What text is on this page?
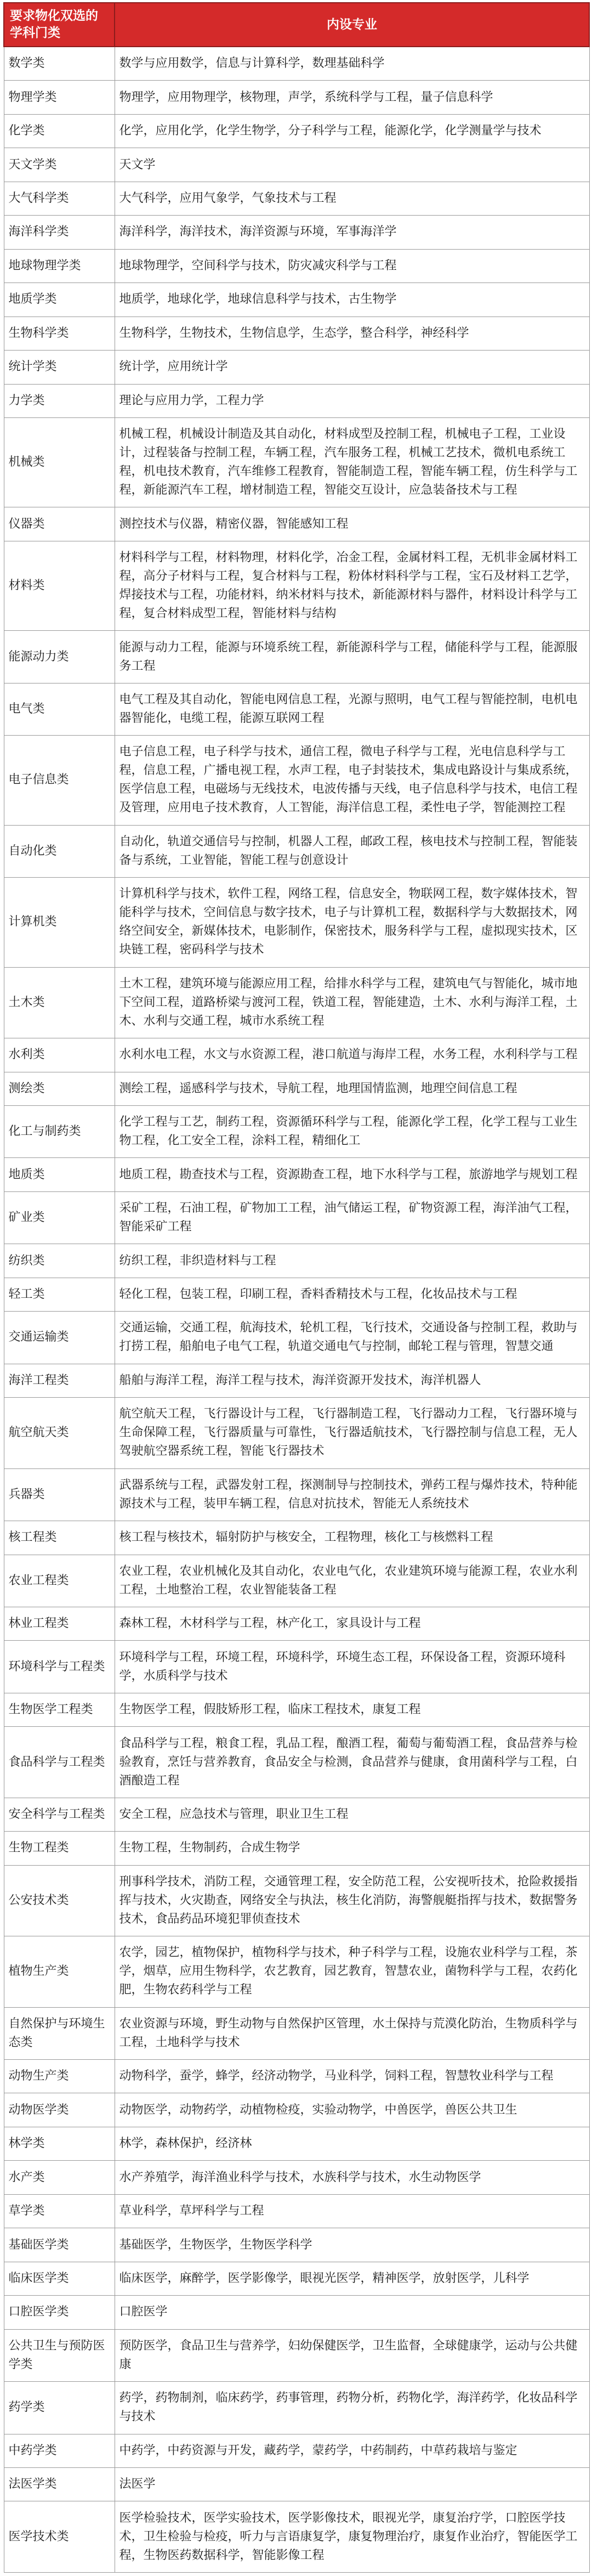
要求物化双选的学科门类	内设专业
数学类	数学与应用数学，信息与计算科学，数理基础科学
物理学类	物理学，应用物理学，核物理，声学，系统科学与工程，量子信息科学
化学类	化学，应用化学，化学生物学，分子科学与工程，能源化学，化学测量学与技术
天文学类	天文学
大气科学类	大气科学，应用气象学，气象技术与工程
海洋科学类	海洋科学，海洋技术，海洋资源与环境，军事海洋学
地球物理学类	地球物理学，空间科学与技术，防灾减灾科学与工程
地质学类	地质学，地球化学，地球信息科学与技术，古生物学
生物科学类	生物科学，生物技术，生物信息学，生态学，整合科学，神经科学
统计学类	统计学，应用统计学
力学类	理论与应用力学，工程力学
机械类	机械工程，机械设计制造及其自动化，材料成型及控制工程，机械电子工程，工业设计，过程装备与控制工程，车辆工程，汽车服务工程，机械工艺技术，微机电系统工程，机电技术教育，汽车维修工程教育，智能制造工程，智能车辆工程，仿生科学与工程，新能源汽车工程，增材制造工程，智能交互设计，应急装备技术与工程
仪器类	测控技术与仪器，精密仪器，智能感知工程
材料类	材料科学与工程，材料物理，材料化学，冶金工程，金属材料工程，无机非金属材料工程，高分子材料与工程，复合材料与工程，粉体材料科学与工程，宝石及材料工艺学，焊接技术与工程，功能材料，纳米材料与技术，新能源材料与器件，材料设计科学与工程，复合材料成型工程，智能材料与结构
能源动力类	能源与动力工程，能源与环境系统工程，新能源科学与工程，储能科学与工程，能源服务工程
电气类	电气工程及其自动化，智能电网信息工程，光源与照明，电气工程与智能控制，电机电器智能化，电缆工程，能源互联网工程
电子信息类	电子信息工程，电子科学与技术，通信工程，微电子科学与工程，光电信息科学与工程，信息工程，广播电视工程，水声工程，电子封装技术，集成电路设计与集成系统，医学信息工程，电磁场与无线技术，电波传播与天线，电子信息科学与技术，电信工程及管理，应用电子技术教育，人工智能，海洋信息工程，柔性电子学，智能测控工程
自动化类	自动化，轨道交通信号与控制，机器人工程，邮政工程，核电技术与控制工程，智能装备与系统，工业智能，智能工程与创意设计
计算机类	计算机科学与技术，软件工程，网络工程，信息安全，物联网工程，数字媒体技术，智能科学与技术，空间信息与数字技术，电子与计算机工程，数据科学与大数据技术，网络空间安全，新媒体技术，电影制作，保密技术，服务科学与工程，虚拟现实技术，区块链工程，密码科学与技术
土木类	土木工程，建筑环境与能源应用工程，给排水科学与工程，建筑电气与智能化，城市地下空间工程，道路桥梁与渡河工程，铁道工程，智能建造，土木、水利与海洋工程，土木、水利与交通工程，城市水系统工程
水利类	水利水电工程，水文与水资源工程，港口航道与海岸工程，水务工程，水利科学与工程
测绘类	测绘工程，遥感科学与技术，导航工程，地理国情监测，地理空间信息工程
化工与制药类	化学工程与工艺，制药工程，资源循环科学与工程，能源化学工程，化学工程与工业生物工程，化工安全工程，涂料工程，精细化工
地质类	地质工程，勘查技术与工程，资源勘查工程，地下水科学与工程，旅游地学与规划工程
矿业类	采矿工程，石油工程，矿物加工工程，油气储运工程，矿物资源工程，海洋油气工程，智能采矿工程
纺织类	纺织工程，非织造材料与工程
轻工类	轻化工程，包装工程，印刷工程，香料香精技术与工程，化妆品技术与工程
交通运输类	交通运输，交通工程，航海技术，轮机工程，飞行技术，交通设备与控制工程，救助与打捞工程，船舶电子电气工程，轨道交通电气与控制，邮轮工程与管理，智慧交通
海洋工程类	船舶与海洋工程，海洋工程与技术，海洋资源开发技术，海洋机器人
航空航天类	航空航天工程，飞行器设计与工程，飞行器制造工程，飞行器动力工程，飞行器环境与生命保障工程，飞行器质量与可靠性，飞行器适航技术，飞行器控制与信息工程，无人驾驶航空器系统工程，智能飞行器技术
兵器类	武器系统与工程，武器发射工程，探测制导与控制技术，弹药工程与爆炸技术，特种能源技术与工程，装甲车辆工程，信息对抗技术，智能无人系统技术
核工程类	核工程与核技术，辐射防护与核安全，工程物理，核化工与核燃料工程
农业工程类	农业工程，农业机械化及其自动化，农业电气化，农业建筑环境与能源工程，农业水利工程，土地整治工程，农业智能装备工程
林业工程类	森林工程，木材科学与工程，林产化工，家具设计与工程
环境科学与工程类	环境科学与工程，环境工程，环境科学，环境生态工程，环保设备工程，资源环境科学，水质科学与技术
生物医学工程类	生物医学工程，假肢矫形工程，临床工程技术，康复工程
食品科学与工程类	食品科学与工程，粮食工程，乳品工程，酿酒工程，葡萄与葡萄酒工程，食品营养与检验教育，烹饪与营养教育，食品安全与检测，食品营养与健康，食用菌科学与工程，白酒酿造工程
安全科学与工程类	安全工程，应急技术与管理，职业卫生工程
生物工程类	生物工程，生物制药，合成生物学
公安技术类	刑事科学技术，消防工程，交通管理工程，安全防范工程，公安视听技术，抢险救援指挥与技术，火灾勘查，网络安全与执法，核生化消防，海警舰艇指挥与技术，数据警务技术，食品药品环境犯罪侦查技术
植物生产类	农学，园艺，植物保护，植物科学与技术，种子科学与工程，设施农业科学与工程，茶学，烟草，应用生物科学，农艺教育，园艺教育，智慧农业，菌物科学与工程，农药化肥，生物农药科学与工程
自然保护与环境生态类	农业资源与环境，野生动物与自然保护区管理，水土保持与荒漠化防治，生物质科学与工程，土地科学与技术
动物生产类	动物科学，蚕学，蜂学，经济动物学，马业科学，饲料工程，智慧牧业科学与工程
动物医学类	动物医学，动物药学，动植物检疫，实验动物学，中兽医学，兽医公共卫生
林学类	林学，森林保护，经济林
水产类	水产养殖学，海洋渔业科学与技术，水族科学与技术，水生动物医学
草学类	草业科学，草坪科学与工程
基础医学类	基础医学，生物医学，生物医学科学
临床医学类	临床医学，麻醉学，医学影像学，眼视光医学，精神医学，放射医学，儿科学
口腔医学类	口腔医学
公共卫生与预防医学类	预防医学，食品卫生与营养学，妇幼保健医学，卫生监督，全球健康学，运动与公共健康
药学类	药学，药物制剂，临床药学，药事管理，药物分析，药物化学，海洋药学，化妆品科学与技术
中药学类	中药学，中药资源与开发，藏药学，蒙药学，中药制药，中草药栽培与鉴定
法医学类	法医学
医学技术类	医学检验技术，医学实验技术，医学影像技术，眼视光学，康复治疗学，口腔医学技术，卫生检验与检疫，听力与言语康复学，康复物理治疗，康复作业治疗，智能医学工程，生物医药数据科学，智能影像工程
